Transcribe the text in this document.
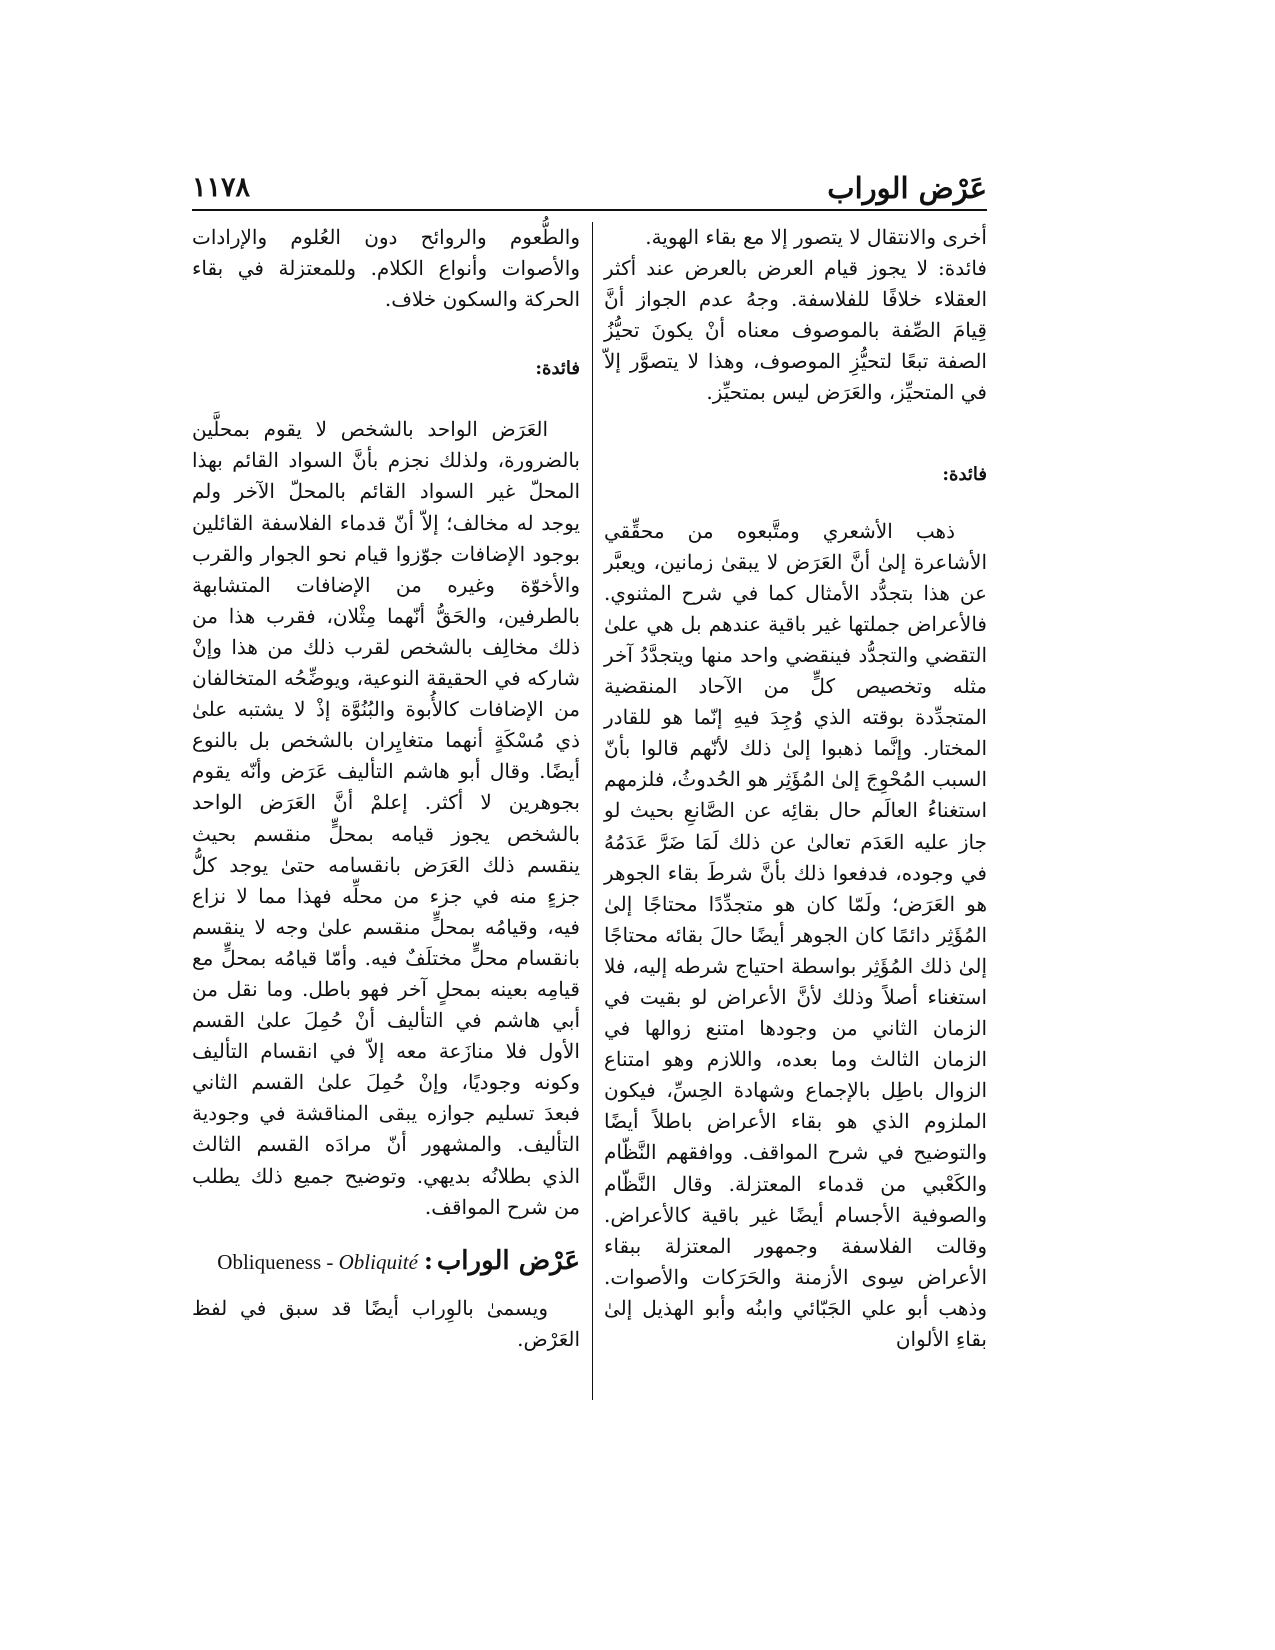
عَرْض الوراب
١١٧٨

أخرى والانتقال لا يتصور إلا مع بقاء الهوية.

فائدة: لا يجوز قيام العرض بالعرض عند أكثر العقلاء خلافًا للفلاسفة. وجهُ عدم الجواز أنَّ قِيامَ الصِّفة بالموصوف معناه أنْ يكونَ تحيُّزُ الصفة تبعًا لتحيُّزِ الموصوف، وهذا لا يتصوَّر إلاّ في المتحيِّز، والعَرَض ليس بمتحيِّز.

فائدة:

ذهب الأشعري ومتَّبعوه من محقِّقي الأشاعرة إلىٰ أنَّ العَرَض لا يبقىٰ زمانين، ويعبَّر عن هذا بتجدُّد الأمثال كما في شرح المثنوي. فالأعراض جملتها غير باقية عندهم بل هي علىٰ التقضي والتجدُّد فينقضي واحد منها ويتجدَّدُ آخر مثله وتخصيص كلٍّ من الآحاد المنقضية المتجدِّدة بوقته الذي وُجِدَ فيهِ إنّما هو للقادر المختار. وإنَّما ذهبوا إلىٰ ذلك لأنّهم قالوا بأنّ السبب المُحْوِجَ إلىٰ المُؤَثِر هو الحُدوثُ، فلزمهم استغناءُ العالَم حال بقائِه عن الصَّانعِ بحيث لو جاز عليه العَدَم تعالىٰ عن ذلك لَمَا ضَرَّ عَدَمُهُ في وجوده، فدفعوا ذلك بأنَّ شرطَ بقاء الجوهر هو العَرَض؛ ولَمّا كان هو متجدِّدًا محتاجًا إلىٰ المُؤَثِر دائمًا كان الجوهر أيضًا حالَ بقائه محتاجًا إلىٰ ذلك المُؤَثِر بواسطة احتياج شرطه إليه، فلا استغناء أصلاً وذلك لأنَّ الأعراض لو بقيت في الزمان الثاني من وجودها امتنع زوالها في الزمان الثالث وما بعده، واللازم وهو امتناع الزوال باطِل بالإجماع وشهادة الحِسِّ، فيكون الملزوم الذي هو بقاء الأعراض باطلاً أيضًا والتوضيح في شرح المواقف. ووافقهم النَّظّام والكَعْبي من قدماء المعتزلة. وقال النَّظّام والصوفية الأجسام أيضًا غير باقية كالأعراض. وقالت الفلاسفة وجمهور المعتزلة ببقاء الأعراض سِوى الأزمنة والحَرَكات والأصوات. وذهب أبو علي الجَبّائي وابنُه وأبو الهذيل إلىٰ بقاءِ الألوان

والطُّعوم والروائح دون العُلوم والإرادات والأصوات وأنواع الكلام. وللمعتزلة في بقاء الحركة والسكون خلاف.

فائدة:

العَرَض الواحد بالشخص لا يقوم بمحلَّين بالضرورة، ولذلك نجزم بأنَّ السواد القائم بهذا المحلّ غير السواد القائم بالمحلّ الآخر ولم يوجد له مخالف؛ إلاّ أنّ قدماء الفلاسفة القائلين بوجود الإضافات جوّزوا قيام نحو الجوار والقرب والأخوّة وغيره من الإضافات المتشابهة بالطرفين، والحَقُّ أنّهما مِثْلان، فقرب هذا من ذلك مخالِف بالشخص لقرب ذلك من هذا وإنْ شاركه في الحقيقة النوعية، ويوضِّحُه المتخالفان من الإضافات كالأُبوة والبُنُوَّة إذْ لا يشتبه علىٰ ذي مُسْكَةٍ أنهما متغايِران بالشخص بل بالنوع أيضًا. وقال أبو هاشم التأليف عَرَض وأنّه يقوم بجوهرين لا أكثر. إعلمْ أنَّ العَرَض الواحد بالشخص يجوز قيامه بمحلٍّ منقسم بحيث ينقسم ذلك العَرَض بانقسامه حتىٰ يوجد كلُّ جزءٍ منه في جزء من محلِّه فهذا مما لا نزاع فيه، وقيامُه بمحلٍّ منقسم علىٰ وجه لا ينقسم بانقسام محلٍّ مختلَفٌ فيه. وأمّا قيامُه بمحلٍّ مع قيامِه بعينه بمحلٍ آخر فهو باطل. وما نقل من أبي هاشم في التأليف أنْ حُمِلَ علىٰ القسم الأول فلا منازَعة معه إلاّ في انقسام التأليف وكونه وجوديًا، وإنْ حُمِلَ علىٰ القسم الثاني فبعدَ تسليم جوازه يبقى المناقشة في وجودية التأليف. والمشهور أنّ مرادَه القسم الثالث الذي بطلانُه بديهي. وتوضيح جميع ذلك يطلب من شرح المواقف.

عَرْض الوراب:Obliqueness - Obliquité

ويسمىٰ بالوِراب أيضًا قد سبق في لفظ العَرْض.
